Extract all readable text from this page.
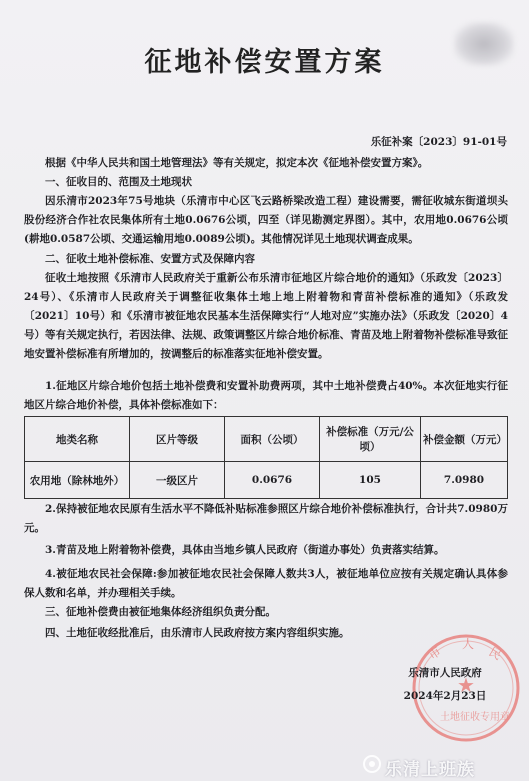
征地补偿安置方案
乐征补案〔2023〕91-01号
根据《中华人民共和国土地管理法》等有关规定，拟定本次《征地补偿安置方案》。
一、征收目的、范围及土地现状
因乐清市2023年75号地块（乐清市中心区飞云路桥梁改造工程）建设需要，需征收城东街道坝头股份经济合作社农民集体所有土地0.0676公顷，四至（详见勘测定界图）。其中，农用地0.0676公顷(耕地0.0587公顷、交通运输用地0.0089公顷)。其他情况详见土地现状调查成果。
二、征收土地补偿标准、安置方式及保障内容
征收土地按照《乐清市人民政府关于重新公布乐清市征地区片综合地价的通知》（乐政发〔2023〕24号）、《乐清市人民政府关于调整征收集体土地上地上附着物和青苗补偿标准的通知》（乐政发〔2021〕10号）和《乐清市被征地农民基本生活保障实行“人地对应”实施办法》（乐政发〔2020〕4号）等有关规定执行，若因法律、法规、政策调整区片综合地价标准、青苗及地上附着物补偿标准导致征地安置补偿标准有所增加的，按调整后的标准落实征地补偿安置。
1.征地区片综合地价包括土地补偿费和安置补助费两项，其中土地补偿费占40%。本次征地实行征地区片综合地价补偿，具体补偿标准如下：
地类名称	区片等级	面积（公顷）	补偿标准（万元/公顷）	补偿金额（万元）
农用地（除林地外）	一级区片	0.0676	105	7.0980
2.保持被征地农民原有生活水平不降低补贴标准参照区片综合地价补偿标准执行，合计共7.0980万元。
3.青苗及地上附着物补偿费，具体由当地乡镇人民政府（街道办事处）负责落实结算。
4.被征地农民社会保障:参加被征地农民社会保障人数共3人，被征地单位应按有关规定确认具体参保人数和名单，并办理相关手续。
三、征地补偿费由被征地集体经济组织负责分配。
四、土地征收经批准后，由乐清市人民政府按方案内容组织实施。
★
市
人
民
土地征收专用章
乐清市人民政府
2024年2月23日
乐清上班族
